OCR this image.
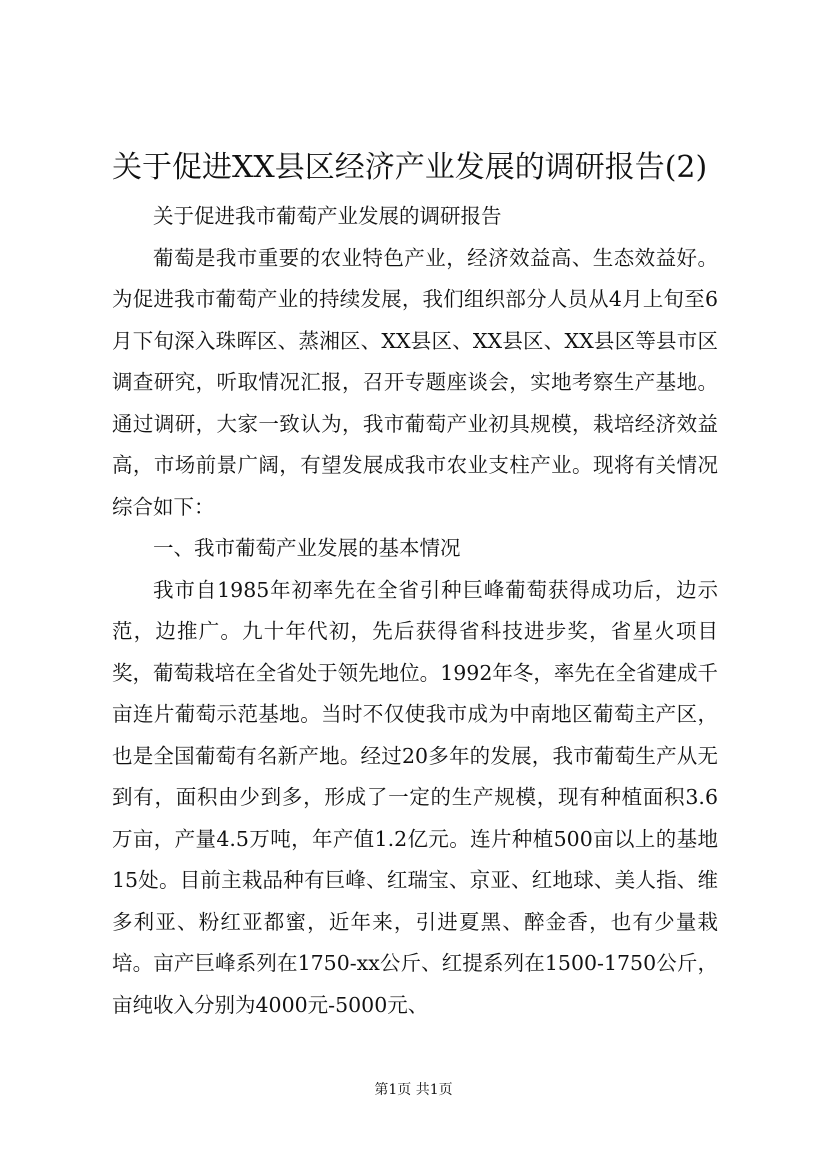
关于促进XX县区经济产业发展的调研报告(2)

关于促进我市葡萄产业发展的调研报告

葡萄是我市重要的农业特色产业，经济效益高、生态效益好。为促进我市葡萄产业的持续发展，我们组织部分人员从4月上旬至6月下旬深入珠晖区、蒸湘区、XX县区、XX县区、XX县区等县市区调查研究，听取情况汇报，召开专题座谈会，实地考察生产基地。通过调研，大家一致认为，我市葡萄产业初具规模，栽培经济效益高，市场前景广阔，有望发展成我市农业支柱产业。现将有关情况综合如下：

一、我市葡萄产业发展的基本情况

我市自1985年初率先在全省引种巨峰葡萄获得成功后，边示范，边推广。九十年代初，先后获得省科技进步奖，省星火项目奖，葡萄栽培在全省处于领先地位。1992年冬，率先在全省建成千亩连片葡萄示范基地。当时不仅使我市成为中南地区葡萄主产区，也是全国葡萄有名新产地。经过20多年的发展，我市葡萄生产从无到有，面积由少到多，形成了一定的生产规模，现有种植面积3.6万亩，产量4.5万吨，年产值1.2亿元。连片种植500亩以上的基地15处。目前主栽品种有巨峰、红瑞宝、京亚、红地球、美人指、维多利亚、粉红亚都蜜，近年来，引进夏黑、醉金香，也有少量栽培。亩产巨峰系列在1750-xx公斤、红提系列在1500-1750公斤，亩纯收入分别为4000元-5000元、

第1页 共1页
